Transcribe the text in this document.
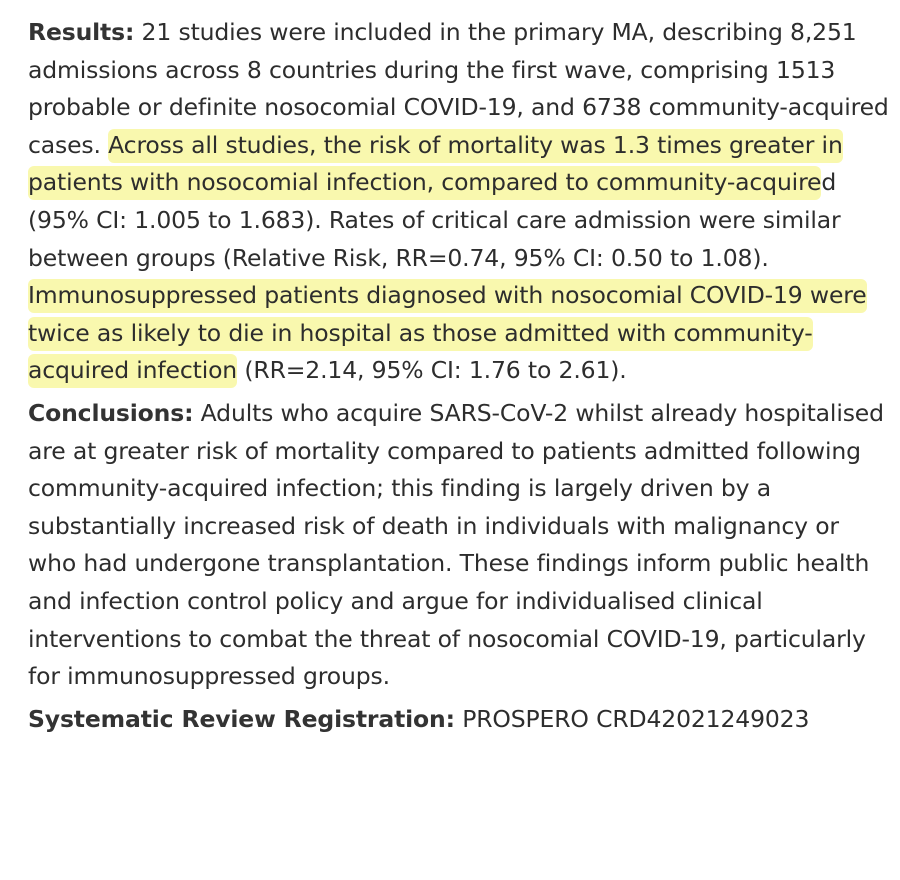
Results: 21 studies were included in the primary MA, describing 8,251 admissions across 8 countries during the first wave, comprising 1513 probable or definite nosocomial COVID-19, and 6738 community-acquired cases. Across all studies, the risk of mortality was 1.3 times greater in patients with nosocomial infection, compared to community-acquired (95% CI: 1.005 to 1.683). Rates of critical care admission were similar between groups (Relative Risk, RR=0.74, 95% CI: 0.50 to 1.08). Immunosuppressed patients diagnosed with nosocomial COVID-19 were twice as likely to die in hospital as those admitted with community-acquired infection (RR=2.14, 95% CI: 1.76 to 2.61).

Conclusions: Adults who acquire SARS-CoV-2 whilst already hospitalised are at greater risk of mortality compared to patients admitted following community-acquired infection; this finding is largely driven by a substantially increased risk of death in individuals with malignancy or who had undergone transplantation. These findings inform public health and infection control policy and argue for individualised clinical interventions to combat the threat of nosocomial COVID-19, particularly for immunosuppressed groups.

Systematic Review Registration: PROSPERO CRD42021249023
